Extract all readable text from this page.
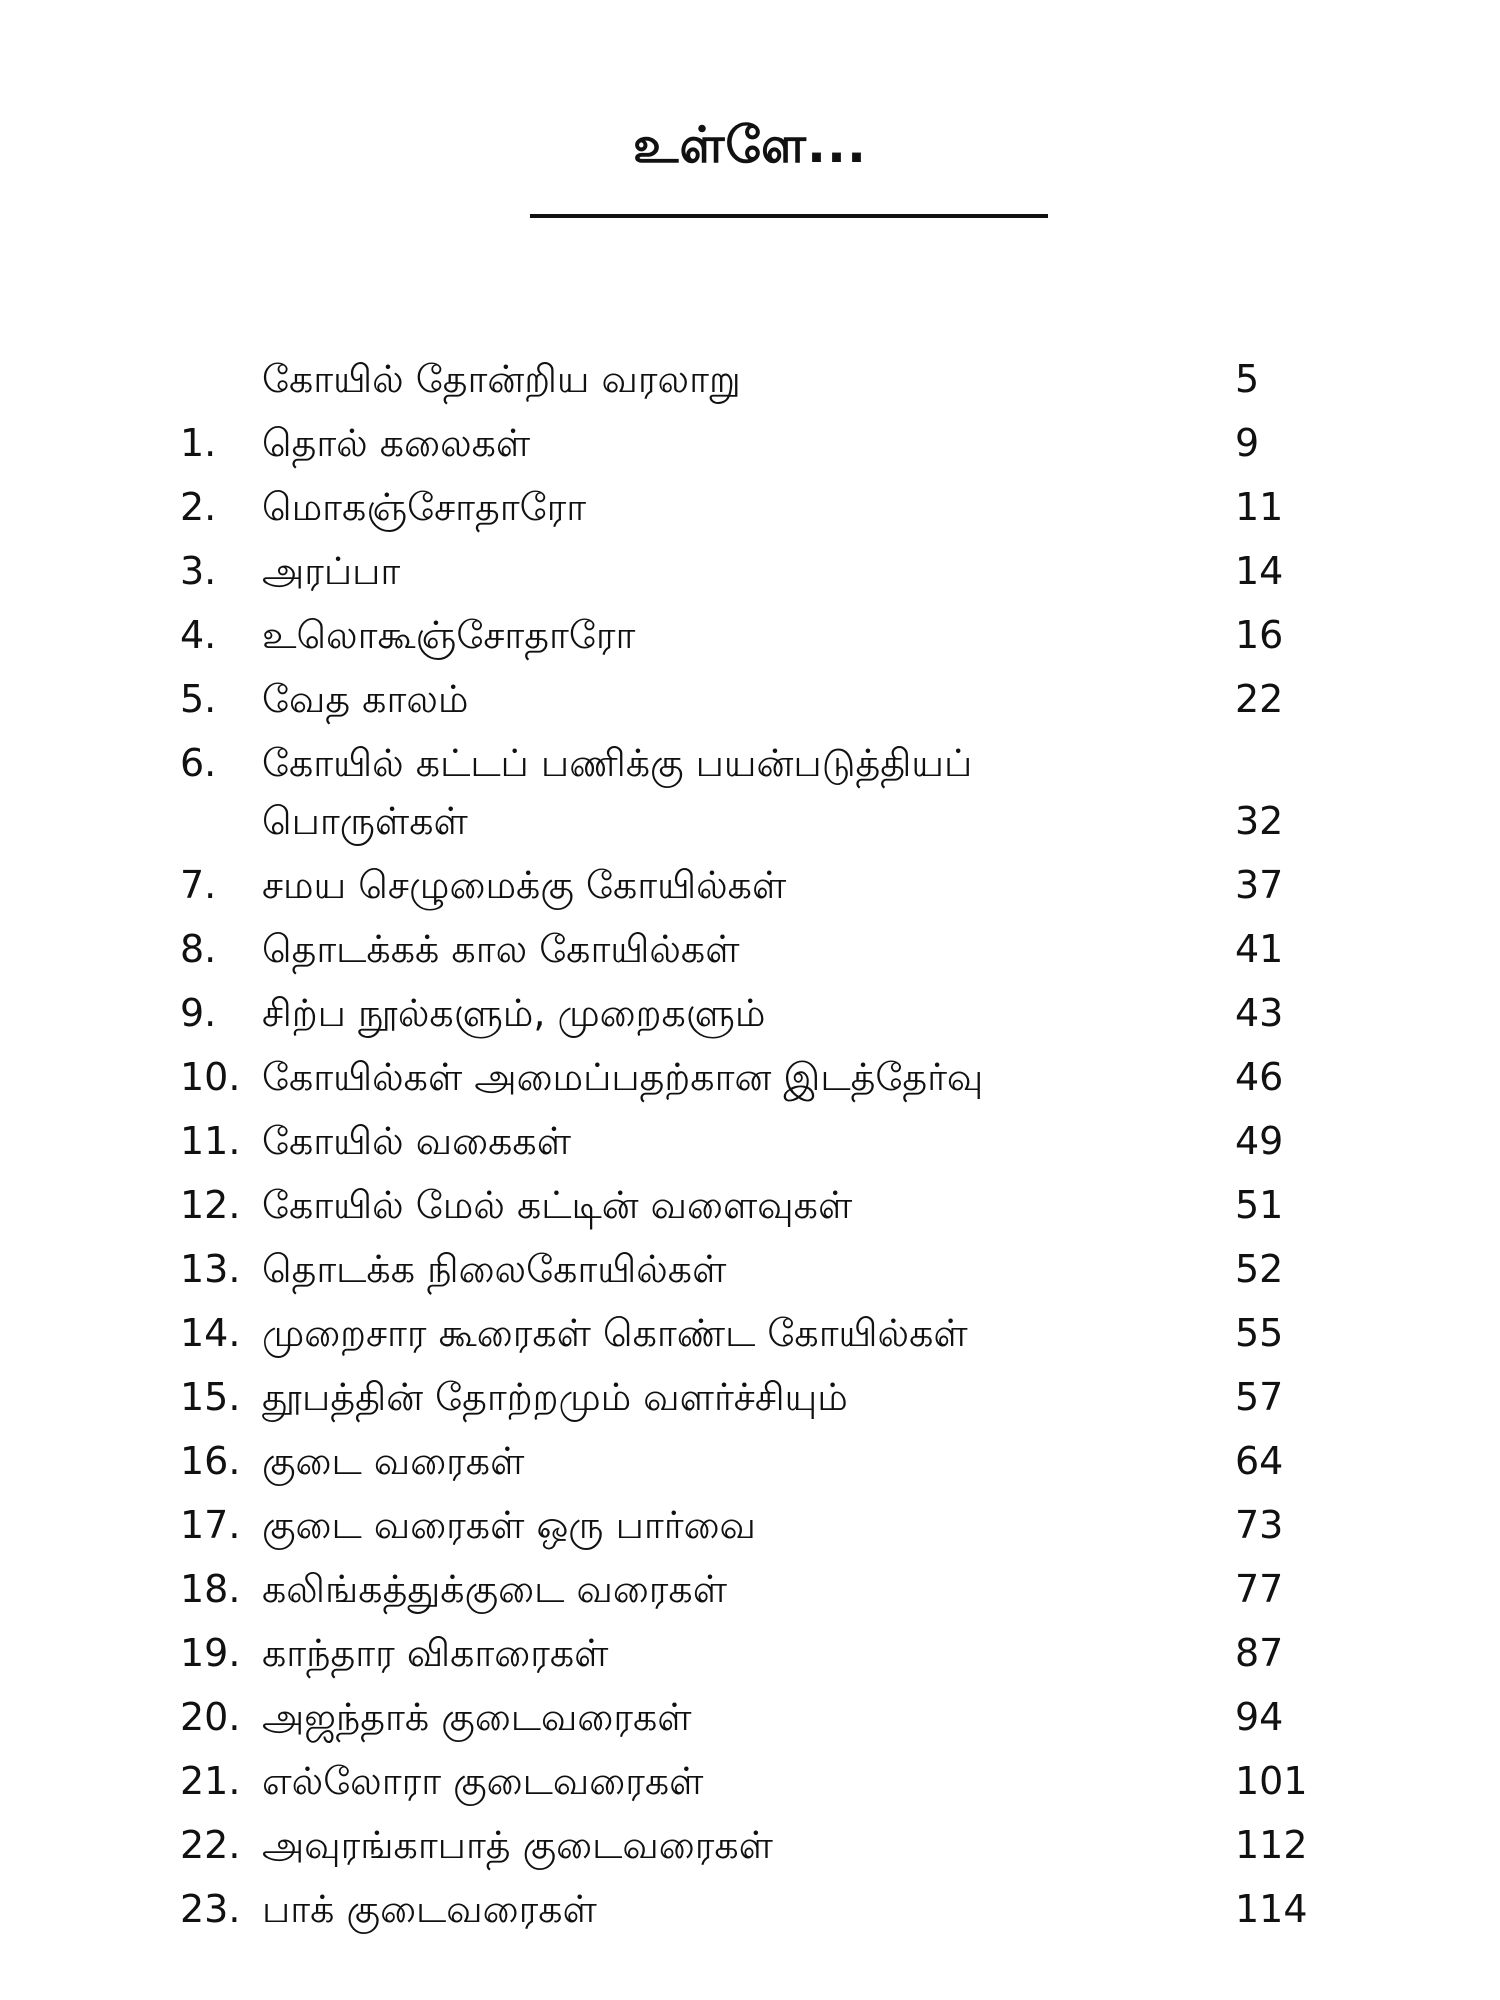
உள்ளே...
கோயில் தோன்றிய வரலாறு	5
1.	தொல் கலைகள்	9
2.	மொகஞ்சோதாரோ	11
3.	அரப்பா	14
4.	உலொகூஞ்சோதாரோ	16
5.	வேத காலம்	22
6.	கோயில் கட்டப் பணிக்கு பயன்படுத்தியப்
பொருள்கள்	32
7.	சமய செழுமைக்கு கோயில்கள்	37
8.	தொடக்கக் கால கோயில்கள்	41
9.	சிற்ப நூல்களும், முறைகளும்	43
10. கோயில்கள் அமைப்பதற்கான இடத்தேர்வு	46
11. கோயில் வகைகள்	49
12. கோயில் மேல் கட்டின் வளைவுகள்	51
13. தொடக்க நிலைகோயில்கள்	52
14. முறைசார கூரைகள் கொண்ட கோயில்கள்	55
15. தூபத்தின் தோற்றமும் வளர்ச்சியும்	57
16. குடை வரைகள்	64
17. குடை வரைகள் ஒரு பார்வை	73
18. கலிங்கத்துக்குடை வரைகள்	77
19. காந்தார விகாரைகள்	87
20. அஜந்தாக் குடைவரைகள்	94
21. எல்லோரா குடைவரைகள்	101
22. அவுரங்காபாத் குடைவரைகள்	112
23. பாக் குடைவரைகள்	114
